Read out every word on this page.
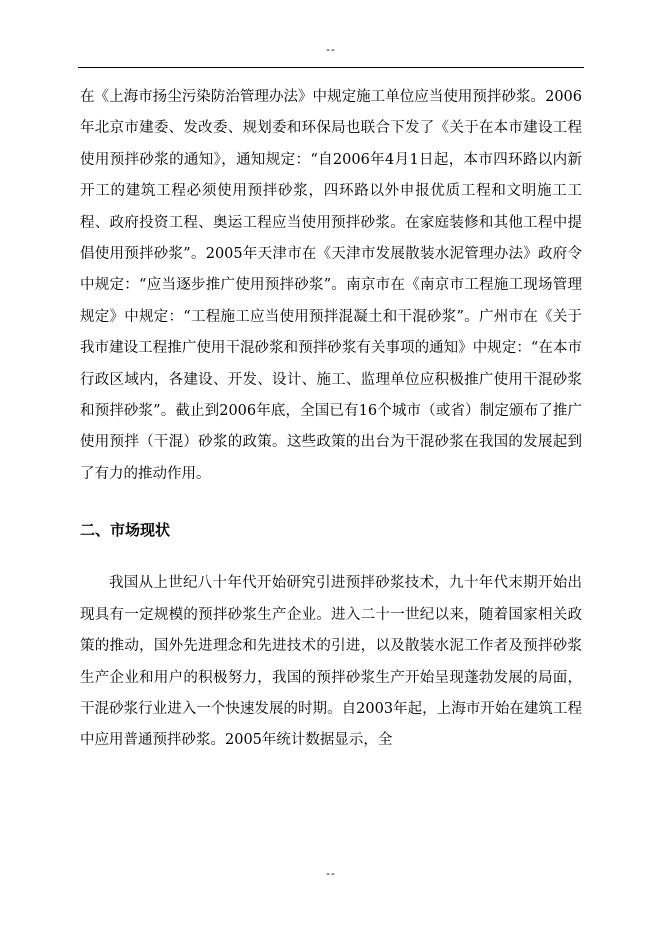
--

在《上海市扬尘污染防治管理办法》中规定施工单位应当使用预拌砂浆。2006年北京市建委、发改委、规划委和环保局也联合下发了《关于在本市建设工程使用预拌砂浆的通知》，通知规定：“自2006年4月1日起，本市四环路以内新开工的建筑工程必须使用预拌砂浆，四环路以外申报优质工程和文明施工工程、政府投资工程、奥运工程应当使用预拌砂浆。在家庭装修和其他工程中提倡使用预拌砂浆”。2005年天津市在《天津市发展散装水泥管理办法》政府令中规定：“应当逐步推广使用预拌砂浆”。南京市在《南京市工程施工现场管理规定》中规定：“工程施工应当使用预拌混凝土和干混砂浆”。广州市在《关于我市建设工程推广使用干混砂浆和预拌砂浆有关事项的通知》中规定：“在本市行政区域内，各建设、开发、设计、施工、监理单位应积极推广使用干混砂浆和预拌砂浆”。截止到2006年底，全国已有16个城市（或省）制定颁布了推广使用预拌（干混）砂浆的政策。这些政策的出台为干混砂浆在我国的发展起到了有力的推动作用。

二、市场现状

我国从上世纪八十年代开始研究引进预拌砂浆技术，九十年代末期开始出现具有一定规模的预拌砂浆生产企业。进入二十一世纪以来，随着国家相关政策的推动，国外先进理念和先进技术的引进，以及散装水泥工作者及预拌砂浆生产企业和用户的积极努力，我国的预拌砂浆生产开始呈现蓬勃发展的局面，干混砂浆行业进入一个快速发展的时期。自2003年起，上海市开始在建筑工程中应用普通预拌砂浆。2005年统计数据显示，全

--
